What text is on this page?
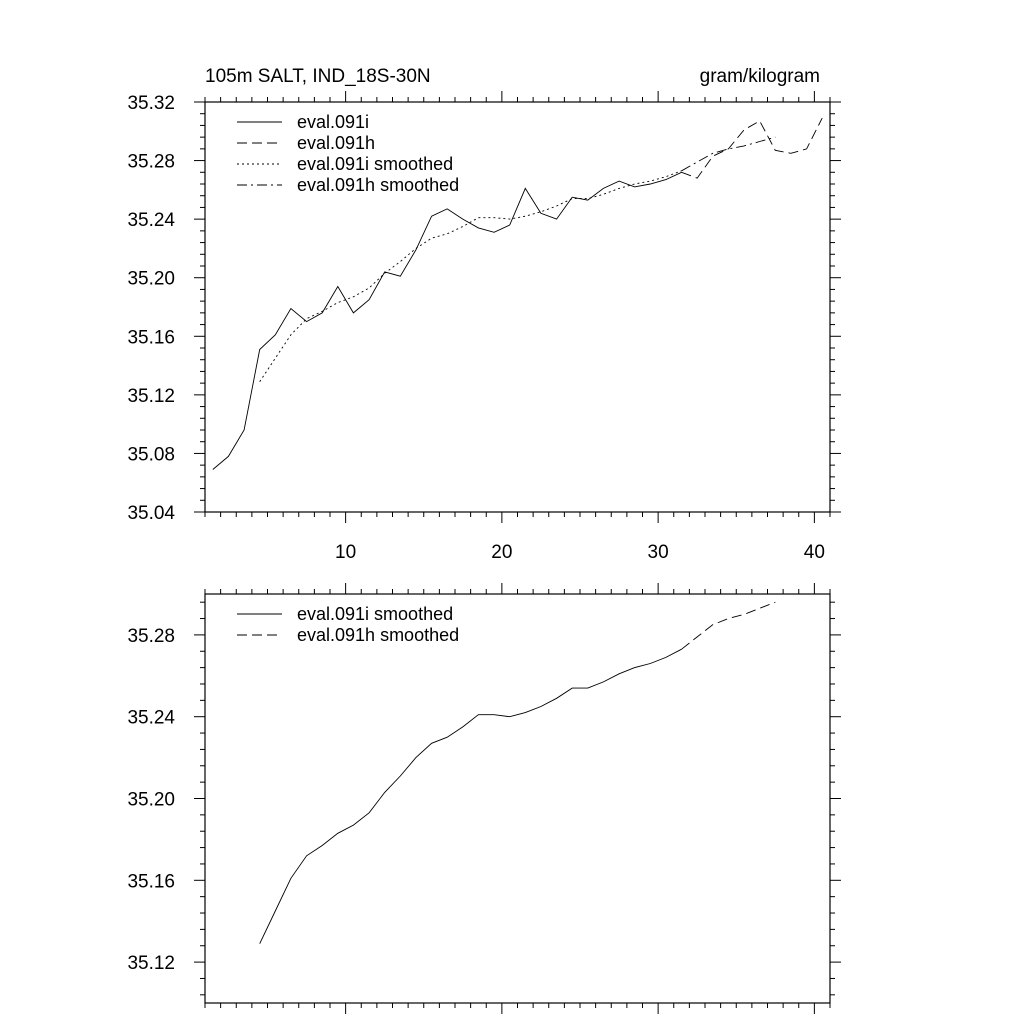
105m SALT, IND_18S-30N	gram/kilogram
10	20	30	40
35.04
35.08
35.12
35.16
35.20
35.24
35.28
35.32
eval.091i
eval.091h
eval.091i smoothed
eval.091h smoothed
35.12
35.16
35.20
35.24
35.28
eval.091i smoothed
eval.091h smoothed
